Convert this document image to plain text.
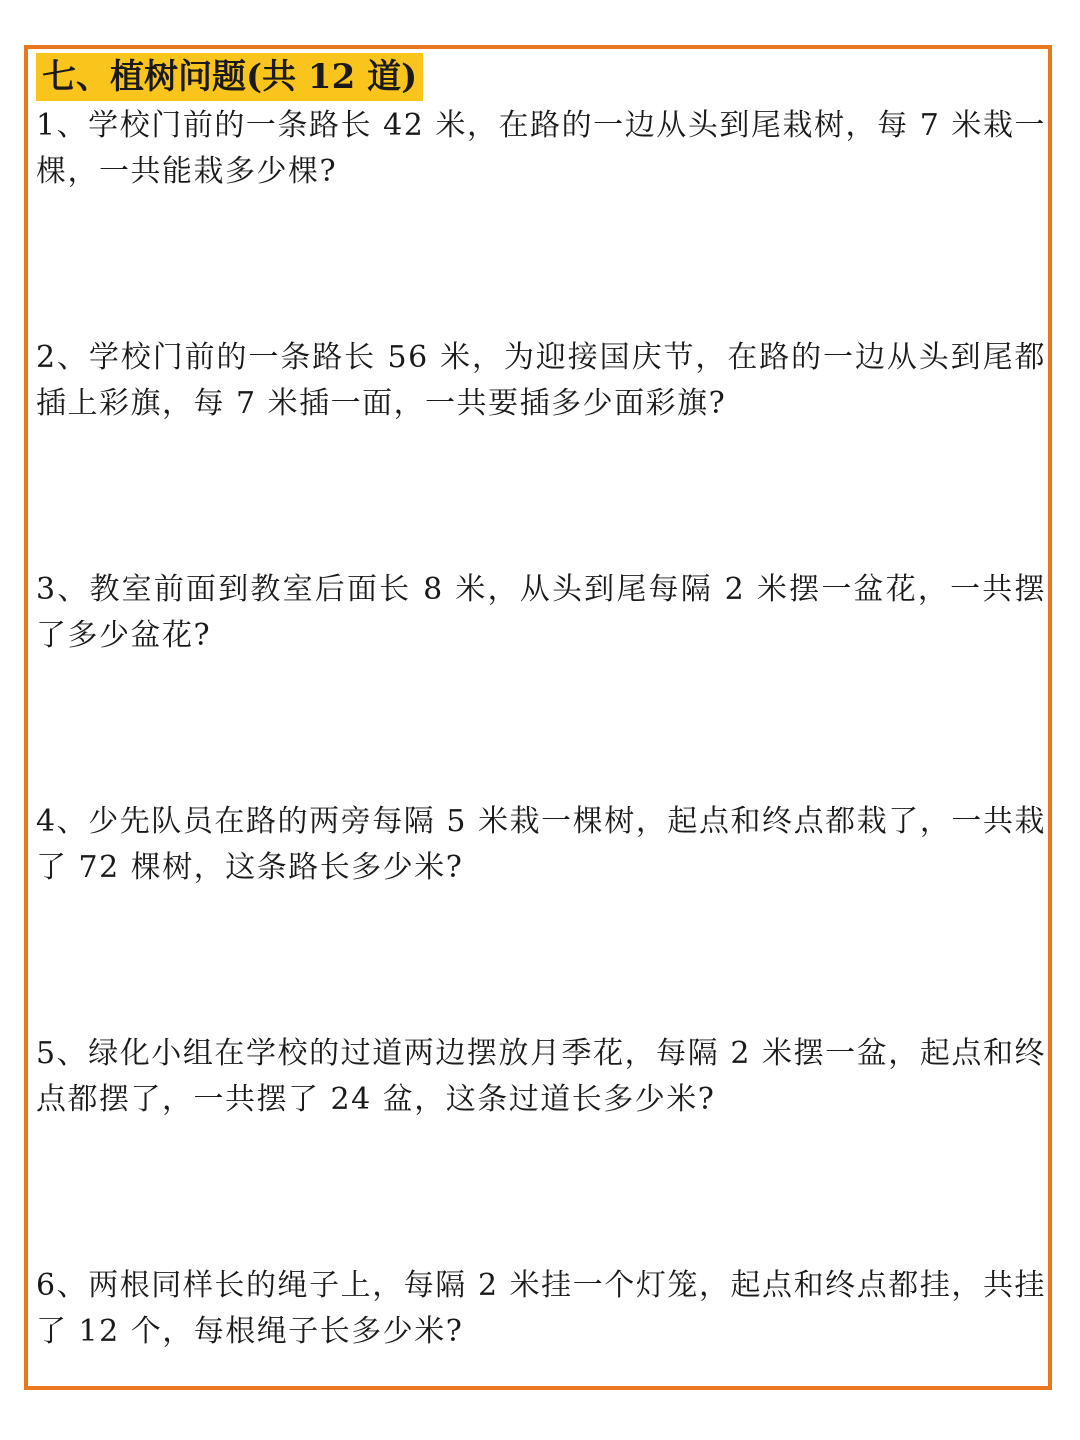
七、植树问题(共 12 道)

1、学校门前的一条路长 42 米，在路的一边从头到尾栽树，每 7 米栽一棵，一共能栽多少棵?

2、学校门前的一条路长 56 米，为迎接国庆节，在路的一边从头到尾都插上彩旗，每 7 米插一面，一共要插多少面彩旗?

3、教室前面到教室后面长 8 米，从头到尾每隔 2 米摆一盆花，一共摆了多少盆花?

4、少先队员在路的两旁每隔 5 米栽一棵树，起点和终点都栽了，一共栽了 72 棵树，这条路长多少米?

5、绿化小组在学校的过道两边摆放月季花，每隔 2 米摆一盆，起点和终点都摆了，一共摆了 24 盆，这条过道长多少米?

6、两根同样长的绳子上，每隔 2 米挂一个灯笼，起点和终点都挂，共挂了 12 个，每根绳子长多少米?
